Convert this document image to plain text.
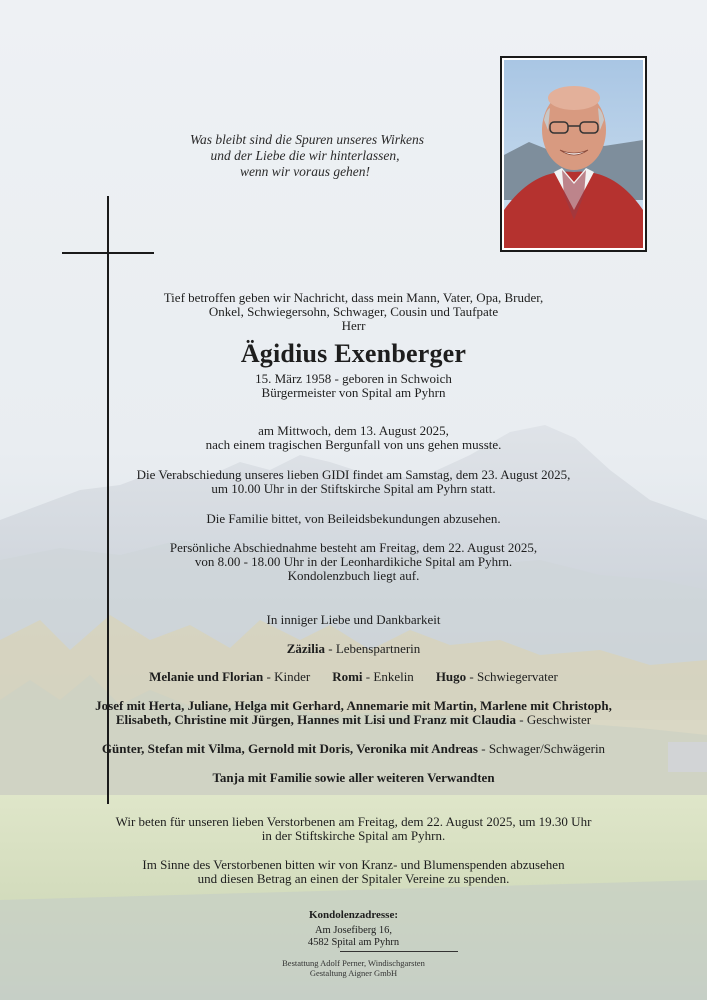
Was bleibt sind die Spuren unseres Wirkens
und der Liebe die wir hinterlassen,
wenn wir voraus gehen!
Tief betroffen geben wir Nachricht, dass mein Mann, Vater, Opa, Bruder,
Onkel, Schwiegersohn, Schwager, Cousin und Taufpate
Herr
Ägidius Exenberger
15. März 1958 - geboren in Schwoich
Bürgermeister von Spital am Pyhrn
am Mittwoch, dem 13. August 2025,
nach einem tragischen Bergunfall von uns gehen musste.
Die Verabschiedung unseres lieben GIDI findet am Samstag, dem 23. August 2025,
um 10.00 Uhr in der Stiftskirche Spital am Pyhrn statt.
Die Familie bittet, von Beileidsbekundungen abzusehen.
Persönliche Abschiednahme besteht am Freitag, dem 22. August 2025,
von 8.00 - 18.00 Uhr in der Leonhardikiche Spital am Pyhrn.
Kondolenzbuch liegt auf.
In inniger Liebe und Dankbarkeit
Zäzilia - Lebenspartnerin
Melanie und Florian - Kinder Romi - Enkelin Hugo - Schwiegervater
Josef mit Herta, Juliane, Helga mit Gerhard, Annemarie mit Martin, Marlene mit Christoph,
Elisabeth, Christine mit Jürgen, Hannes mit Lisi und Franz mit Claudia - Geschwister
Günter, Stefan mit Vilma, Gernold mit Doris, Veronika mit Andreas - Schwager/Schwägerin
Tanja mit Familie sowie aller weiteren Verwandten
Wir beten für unseren lieben Verstorbenen am Freitag, dem 22. August 2025, um 19.30 Uhr
in der Stiftskirche Spital am Pyhrn.
Im Sinne des Verstorbenen bitten wir von Kranz- und Blumenspenden abzusehen
und diesen Betrag an einen der Spitaler Vereine zu spenden.
Kondolenzadresse:
Am Josefiberg 16,
4582 Spital am Pyhrn
Bestattung Adolf Perner, Windischgarsten
Gestaltung Aigner GmbH
